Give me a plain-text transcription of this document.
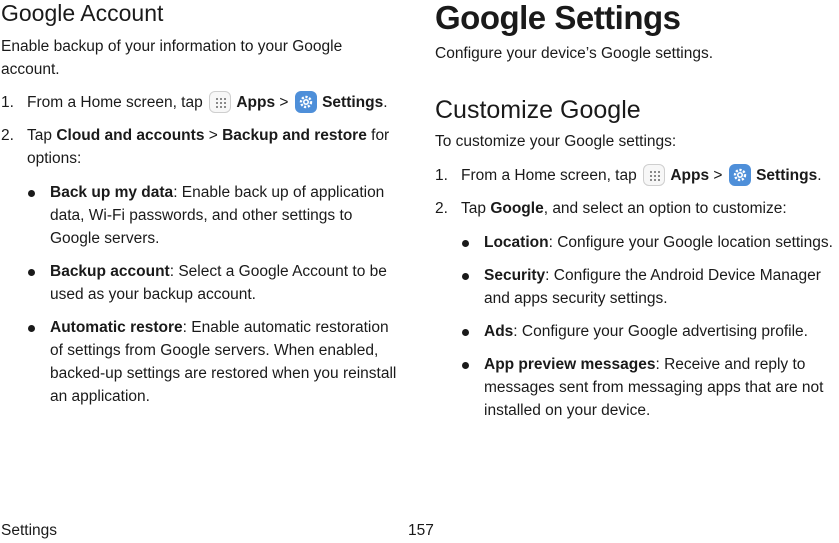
Google Account

Enable backup of your information to your Google account.

1. From a Home screen, tap Apps >
Settings.
2. Tap Cloud and accounts > Backup and restore for options:
Back up my data: Enable back up of application data, Wi-Fi passwords, and other settings to Google servers.
Backup account: Select a Google Account to be used as your backup account.
Automatic restore: Enable automatic restoration of settings from Google servers. When enabled, backed-up settings are restored when you reinstall an application.
Google Settings

Configure your device’s Google settings.

Customize Google

To customize your Google settings:

1. From a Home screen, tap Apps >
Settings.
2. Tap Google, and select an option to customize:
Location: Configure your Google location settings.
Security: Configure the Android Device Manager and apps security settings.
Ads: Configure your Google advertising profile.
App preview messages: Receive and reply to messages sent from messaging apps that are not installed on your device.
Settings	157
